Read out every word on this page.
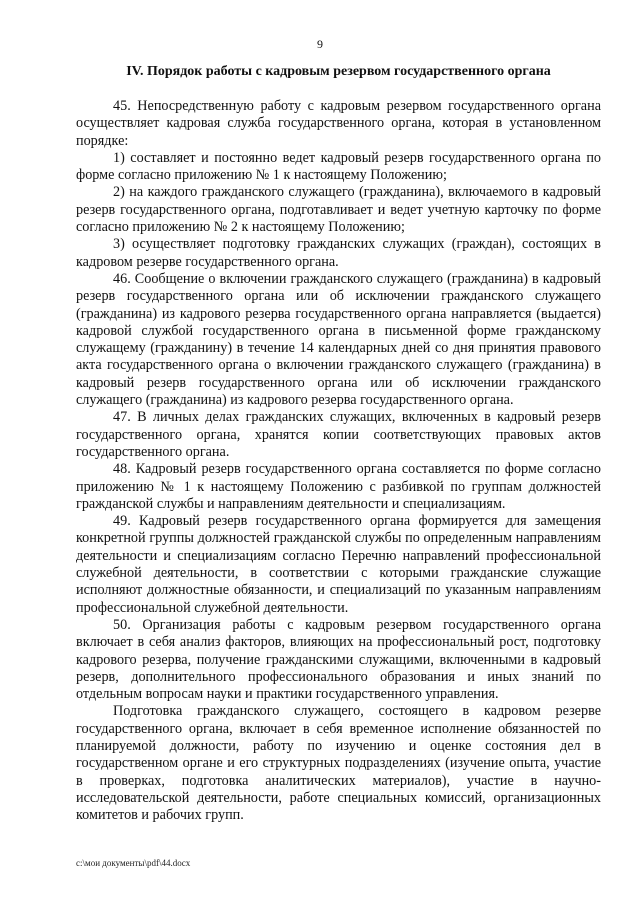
9
IV. Порядок работы с кадровым резервом государственного органа

45. Непосредственную работу с кадровым резервом государственного органа осуществляет кадровая служба государственного органа, которая в установленном порядке:

1) составляет и постоянно ведет кадровый резерв государственного органа по форме согласно приложению № 1 к настоящему Положению;

2) на каждого гражданского служащего (гражданина), включаемого в кадровый резерв государственного органа, подготавливает и ведет учетную карточку по форме согласно приложению № 2 к настоящему Положению;

3) осуществляет подготовку гражданских служащих (граждан), состоящих в кадровом резерве государственного органа.

46. Сообщение о включении гражданского служащего (гражданина) в кадровый резерв государственного органа или об исключении гражданского служащего (гражданина) из кадрового резерва государственного органа направляется (выдается) кадровой службой государственного органа в письменной форме гражданскому служащему (гражданину) в течение 14 календарных дней со дня принятия правового акта государственного органа о включении гражданского служащего (гражданина) в кадровый резерв государственного органа или об исключении гражданского служащего (гражданина) из кадрового резерва государственного органа.

47. В личных делах гражданских служащих, включенных в кадровый резерв государственного органа, хранятся копии соответствующих правовых актов государственного органа.

48. Кадровый резерв государственного органа составляется по форме согласно приложению № 1 к настоящему Положению с разбивкой по группам должностей гражданской службы и направлениям деятельности и специализациям.

49. Кадровый резерв государственного органа формируется для замещения конкретной группы должностей гражданской службы по определенным направлениям деятельности и специализациям согласно Перечню направлений профессиональной служебной деятельности, в соответствии с которыми гражданские служащие исполняют должностные обязанности, и специализаций по указанным направлениям профессиональной служебной деятельности.

50. Организация работы с кадровым резервом государственного органа включает в себя анализ факторов, влияющих на профессиональный рост, подготовку кадрового резерва, получение гражданскими служащими, включенными в кадровый резерв, дополнительного профессионального образования и иных знаний по отдельным вопросам науки и практики государственного управления.

Подготовка гражданского служащего, состоящего в кадровом резерве государственного органа, включает в себя временное исполнение обязанностей по планируемой должности, работу по изучению и оценке состояния дел в государственном органе и его структурных подразделениях (изучение опыта, участие в проверках, подготовка аналитических материалов), участие в научно-исследовательской деятельности, работе специальных комиссий, организационных комитетов и рабочих групп.

c:\мои документы\pdf\44.docx
